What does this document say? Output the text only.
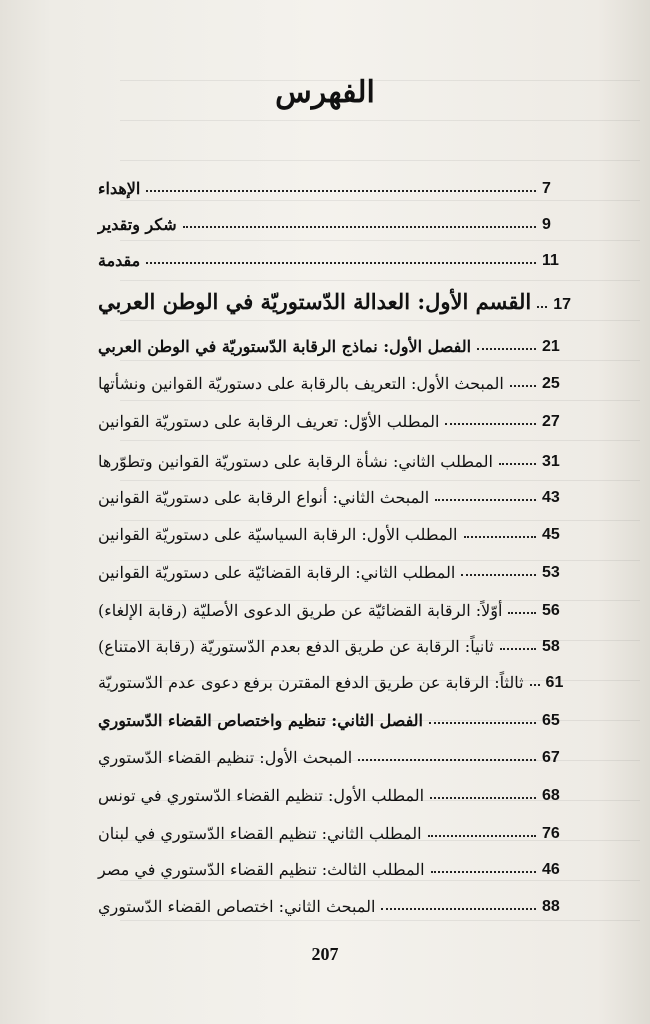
الفهرس
الإهداء	7
شكر وتقدير	9
مقدمة	11
القسم الأول: العدالة الدّستوريّة في الوطن العربي 17
الفصل الأول: نماذج الرقابة الدّستوريّة في الوطن العربي	21
المبحث الأول: التعريف بالرقابة على دستوريّة القوانين ونشأتها 25
المطلب الأوّل: تعريف الرقابة على دستوريّة القوانين	27
المطلب الثاني: نشأة الرقابة على دستوريّة القوانين وتطوّرها	31
المبحث الثاني: أنواع الرقابة على دستوريّة القوانين	43
المطلب الأول: الرقابة السياسيّة على دستوريّة القوانين	45
المطلب الثاني: الرقابة القضائيّة على دستوريّة القوانين	53
أوّلاً: الرقابة القضائيّة عن طريق الدعوى الأصليّة (رقابة الإلغاء) 56
ثانياً: الرقابة عن طريق الدفع بعدم الدّستوريّة (رقابة الامتناع)	58
ثالثاً: الرقابة عن طريق الدفع المقترن برفع دعوى عدم الدّستوريّة 61
الفصل الثاني: تنظيم واختصاص القضاء الدّستوري	65
المبحث الأول: تنظيم القضاء الدّستوري	67
المطلب الأول: تنظيم القضاء الدّستوري في تونس	68
المطلب الثاني: تنظيم القضاء الدّستوري في لبنان	76
المطلب الثالث: تنظيم القضاء الدّستوري في مصر	46
المبحث الثاني: اختصاص القضاء الدّستوري	88
207
